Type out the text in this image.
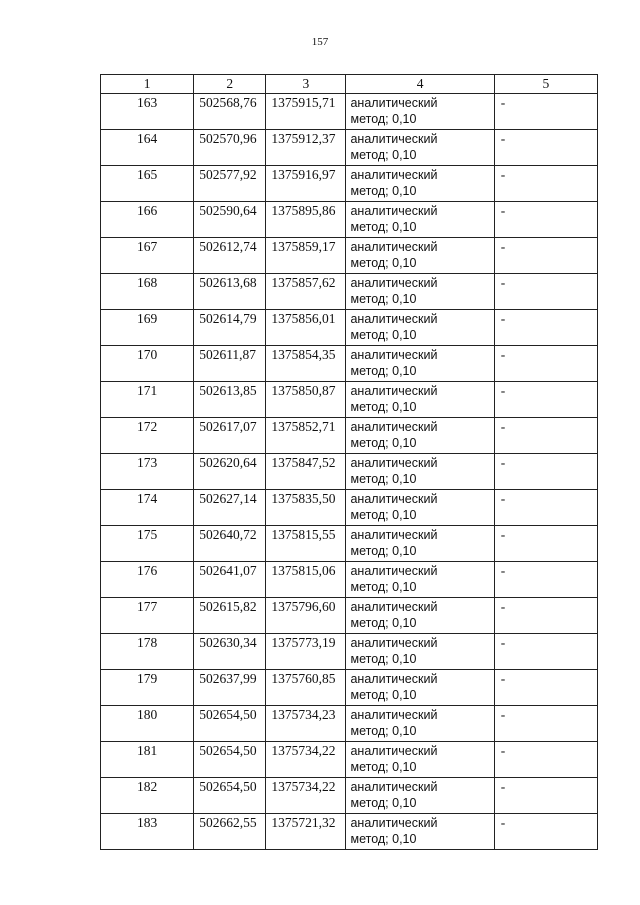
157
1	2	3	4	5
163	502568,76	1375915,71	аналитический
метод; 0,10	-
164	502570,96	1375912,37	аналитический
метод; 0,10	-
165	502577,92	1375916,97	аналитический
метод; 0,10	-
166	502590,64	1375895,86	аналитический
метод; 0,10	-
167	502612,74	1375859,17	аналитический
метод; 0,10	-
168	502613,68	1375857,62	аналитический
метод; 0,10	-
169	502614,79	1375856,01	аналитический
метод; 0,10	-
170	502611,87	1375854,35	аналитический
метод; 0,10	-
171	502613,85	1375850,87	аналитический
метод; 0,10	-
172	502617,07	1375852,71	аналитический
метод; 0,10	-
173	502620,64	1375847,52	аналитический
метод; 0,10	-
174	502627,14	1375835,50	аналитический
метод; 0,10	-
175	502640,72	1375815,55	аналитический
метод; 0,10	-
176	502641,07	1375815,06	аналитический
метод; 0,10	-
177	502615,82	1375796,60	аналитический
метод; 0,10	-
178	502630,34	1375773,19	аналитический
метод; 0,10	-
179	502637,99	1375760,85	аналитический
метод; 0,10	-
180	502654,50	1375734,23	аналитический
метод; 0,10	-
181	502654,50	1375734,22	аналитический
метод; 0,10	-
182	502654,50	1375734,22	аналитический
метод; 0,10	-
183	502662,55	1375721,32	аналитический
метод; 0,10	-
